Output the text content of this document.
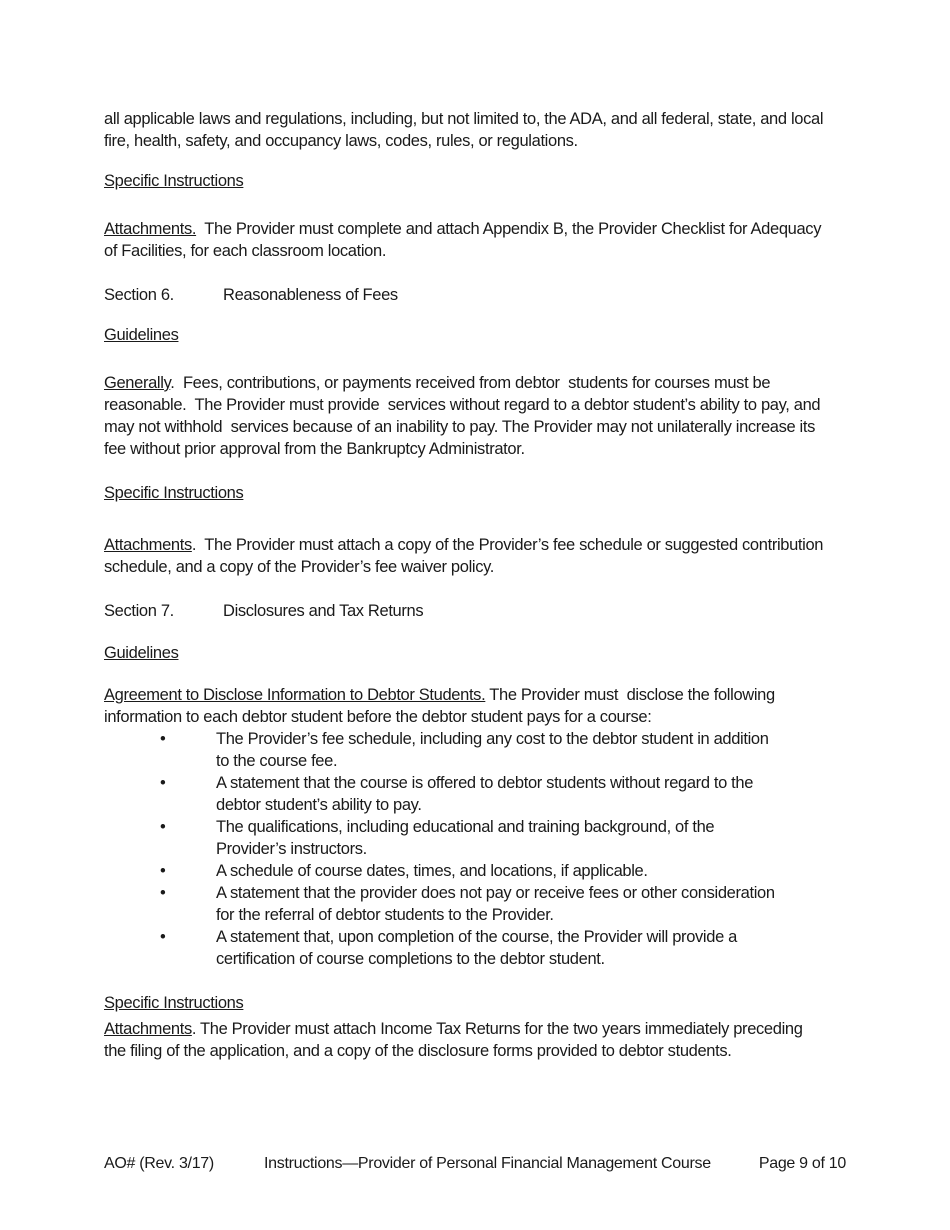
all applicable laws and regulations, including, but not limited to, the ADA, and all federal, state, and local fire, health, safety, and occupancy laws, codes, rules, or regulations.

Specific Instructions

Attachments.  The Provider must complete and attach Appendix B, the Provider Checklist for Adequacy of Facilities, for each classroom location.

Section 6.	Reasonableness of Fees

Guidelines

Generally.  Fees, contributions, or payments received from debtor  students for courses must be reasonable.  The Provider must provide  services without regard to a debtor student’s ability to pay, and may not withhold  services because of an inability to pay. The Provider may not unilaterally increase its fee without prior approval from the Bankruptcy Administrator.

Specific Instructions

Attachments.  The Provider must attach a copy of the Provider’s fee schedule or suggested contribution schedule, and a copy of the Provider’s fee waiver policy.

Section 7.	Disclosures and Tax Returns

Guidelines

Agreement to Disclose Information to Debtor Students. The Provider must  disclose the following information to each debtor student before the debtor student pays for a course:

•	The Provider’s fee schedule, including any cost to the debtor student in addition to the course fee.
•	A statement that the course is offered to debtor students without regard to the debtor student’s ability to pay.
•	The qualifications, including educational and training background, of the Provider’s instructors.
•	A schedule of course dates, times, and locations, if applicable.
•	A statement that the provider does not pay or receive fees or other consideration for the referral of debtor students to the Provider.
•	A statement that, upon completion of the course, the Provider will provide a certification of course completions to the debtor student.

Specific Instructions

Attachments. The Provider must attach Income Tax Returns for the two years immediately preceding the filing of the application, and a copy of the disclosure forms provided to debtor students.

AO# (Rev. 3/17)	Instructions—Provider of Personal Financial Management Course	Page 9 of 10
